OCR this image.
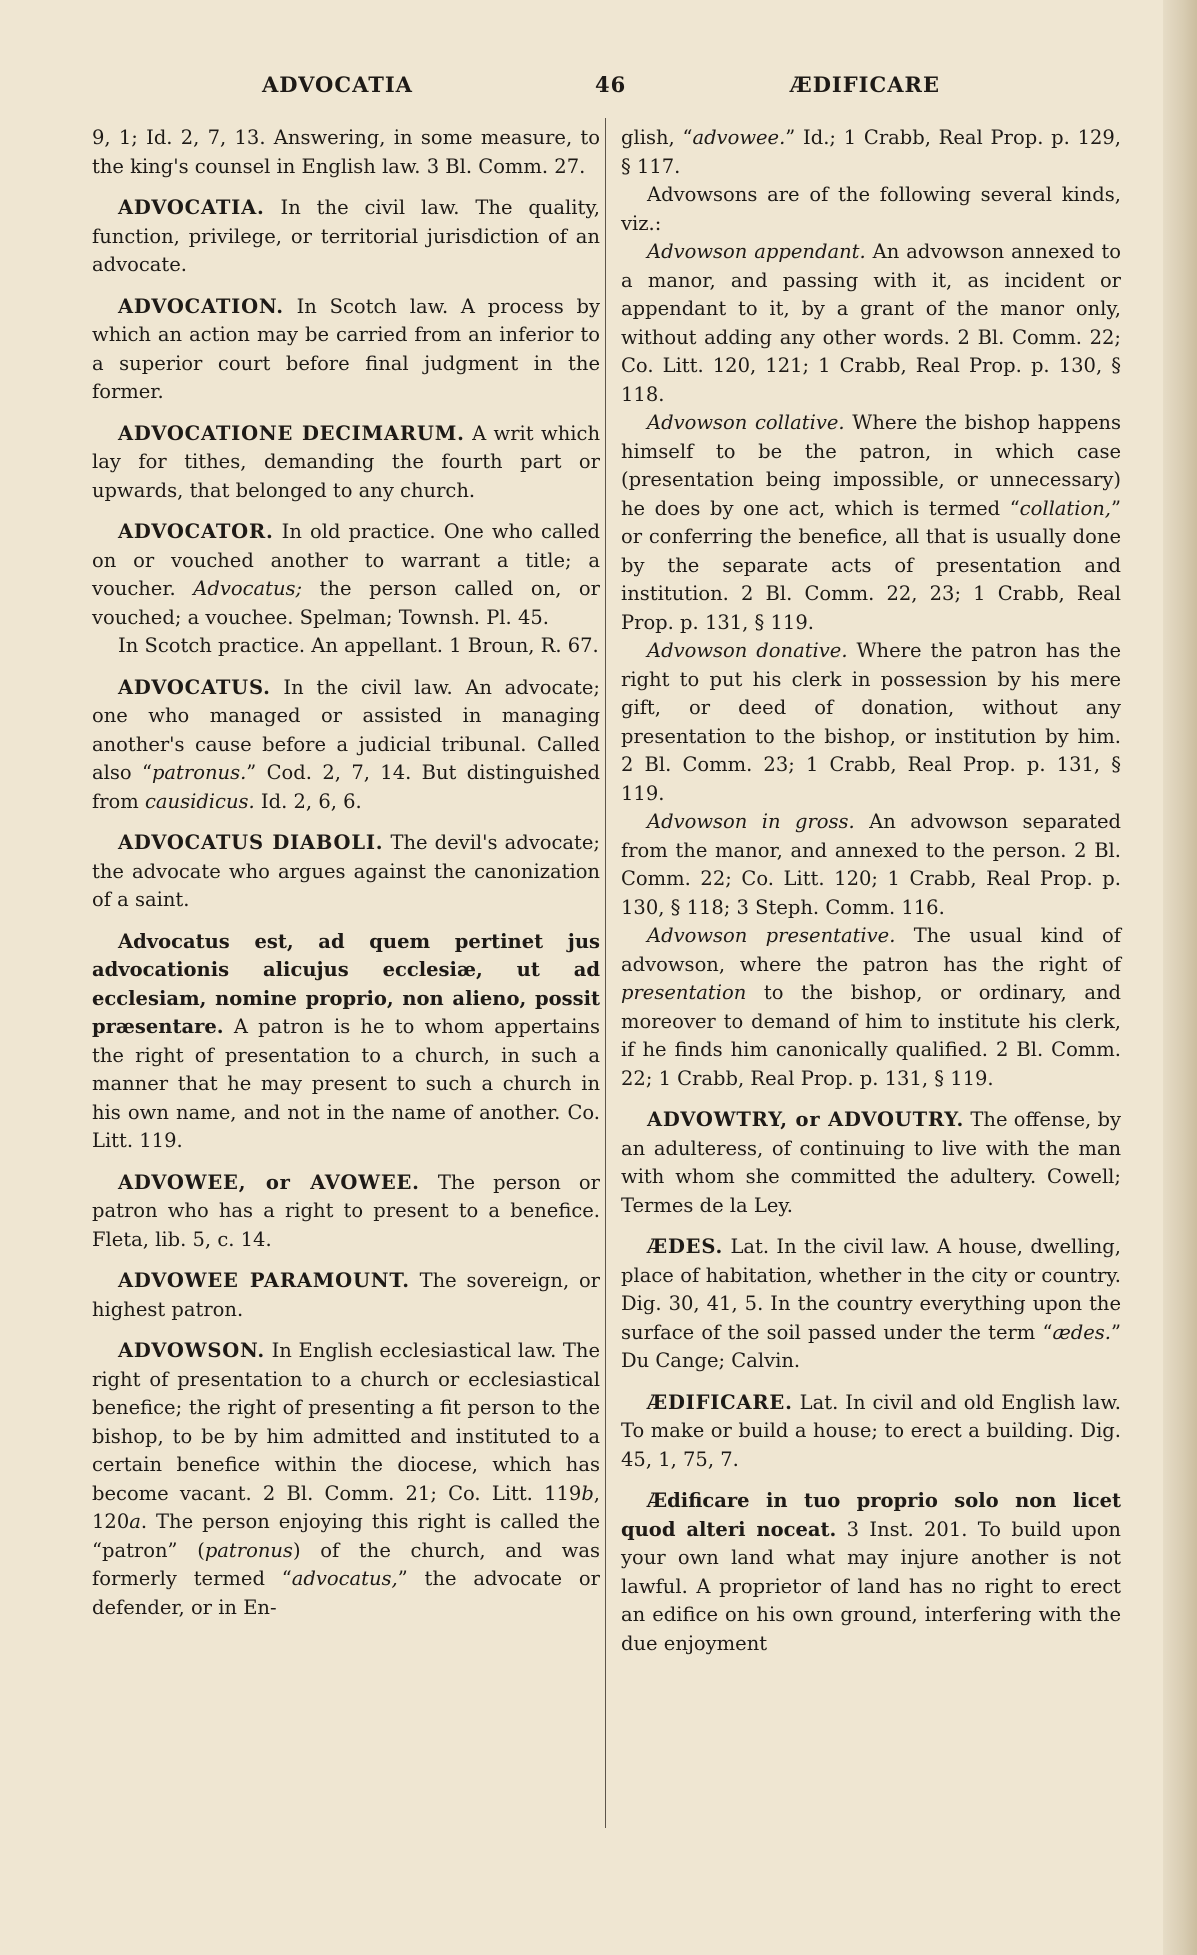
ADVOCATIA	46	ÆDIFICARE

9, 1; Id. 2, 7, 13. Answering, in some measure, to the king's counsel in English law. 3 Bl. Comm. 27.

ADVOCATIA. In the civil law. The quality, function, privilege, or territorial jurisdiction of an advocate.

ADVOCATION. In Scotch law. A process by which an action may be carried from an inferior to a superior court before final judgment in the former.

ADVOCATIONE DECIMARUM. A writ which lay for tithes, demanding the fourth part or upwards, that belonged to any church.

ADVOCATOR. In old practice. One who called on or vouched another to warrant a title; a voucher. Advocatus; the person called on, or vouched; a vouchee. Spelman; Townsh. Pl. 45.

In Scotch practice. An appellant. 1 Broun, R. 67.

ADVOCATUS. In the civil law. An advocate; one who managed or assisted in managing another's cause before a judicial tribunal. Called also “patronus.” Cod. 2, 7, 14. But distinguished from causidicus. Id. 2, 6, 6.

ADVOCATUS DIABOLI. The devil's advocate; the advocate who argues against the canonization of a saint.

Advocatus est, ad quem pertinet jus advocationis alicujus ecclesiæ, ut ad ecclesiam, nomine proprio, non alieno, possit præsentare. A patron is he to whom appertains the right of presentation to a church, in such a manner that he may present to such a church in his own name, and not in the name of another. Co. Litt. 119.

ADVOWEE, or AVOWEE. The person or patron who has a right to present to a benefice. Fleta, lib. 5, c. 14.

ADVOWEE PARAMOUNT. The sovereign, or highest patron.

ADVOWSON. In English ecclesiastical law. The right of presentation to a church or ecclesiastical benefice; the right of presenting a fit person to the bishop, to be by him admitted and instituted to a certain benefice within the diocese, which has become vacant. 2 Bl. Comm. 21; Co. Litt. 119b, 120a. The person enjoying this right is called the “patron” (patronus) of the church, and was formerly termed “advocatus,” the advocate or defender, or in En-

glish, “advowee.” Id.; 1 Crabb, Real Prop. p. 129, § 117.

Advowsons are of the following several kinds, viz.:

Advowson appendant. An advowson annexed to a manor, and passing with it, as incident or appendant to it, by a grant of the manor only, without adding any other words. 2 Bl. Comm. 22; Co. Litt. 120, 121; 1 Crabb, Real Prop. p. 130, § 118.

Advowson collative. Where the bishop happens himself to be the patron, in which case (presentation being impossible, or unnecessary) he does by one act, which is termed “collation,” or conferring the benefice, all that is usually done by the separate acts of presentation and institution. 2 Bl. Comm. 22, 23; 1 Crabb, Real Prop. p. 131, § 119.

Advowson donative. Where the patron has the right to put his clerk in possession by his mere gift, or deed of donation, without any presentation to the bishop, or institution by him. 2 Bl. Comm. 23; 1 Crabb, Real Prop. p. 131, § 119.

Advowson in gross. An advowson separated from the manor, and annexed to the person. 2 Bl. Comm. 22; Co. Litt. 120; 1 Crabb, Real Prop. p. 130, § 118; 3 Steph. Comm. 116.

Advowson presentative. The usual kind of advowson, where the patron has the right of presentation to the bishop, or ordinary, and moreover to demand of him to institute his clerk, if he finds him canonically qualified. 2 Bl. Comm. 22; 1 Crabb, Real Prop. p. 131, § 119.

ADVOWTRY, or ADVOUTRY. The offense, by an adulteress, of continuing to live with the man with whom she committed the adultery. Cowell; Termes de la Ley.

ÆDES. Lat. In the civil law. A house, dwelling, place of habitation, whether in the city or country. Dig. 30, 41, 5. In the country everything upon the surface of the soil passed under the term “ædes.” Du Cange; Calvin.

ÆDIFICARE. Lat. In civil and old English law. To make or build a house; to erect a building. Dig. 45, 1, 75, 7.

Ædificare in tuo proprio solo non licet quod alteri noceat. 3 Inst. 201. To build upon your own land what may injure another is not lawful. A proprietor of land has no right to erect an edifice on his own ground, interfering with the due enjoyment
